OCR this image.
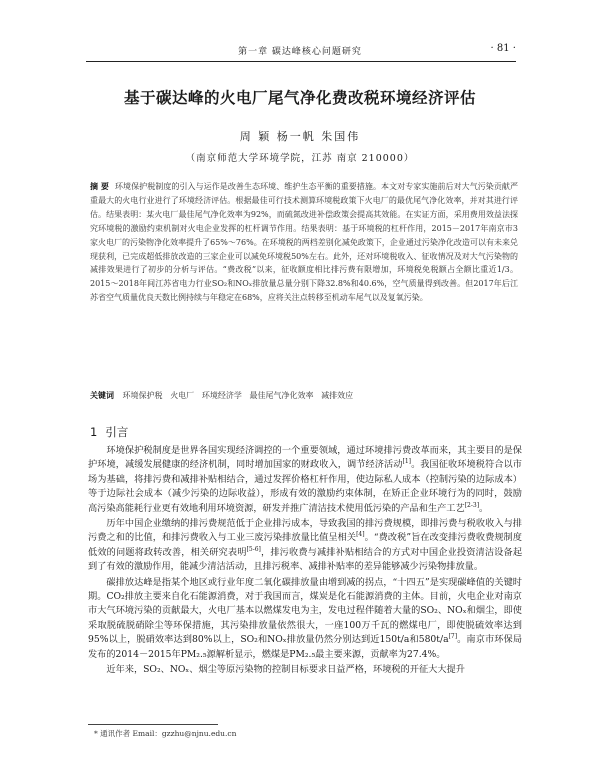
第一章 碳达峰核心问题研究	· 81 ·
基于碳达峰的火电厂尾气净化费改税环境经济评估
周 颖 杨一帆 朱国伟
（南京师范大学环境学院，江苏 南京 210000）
摘 要 环境保护税制度的引入与运作是改善生态环境、维护生态平衡的重要措施。本文对专家实施前后对大气污染贡献严重最大的火电行业进行了环境经济评估。根据最佳可行技术测算环境税政策下火电厂的最优尾气净化效率，并对其进行评估。结果表明：某火电厂最佳尾气净化效率为92%，而硫氮改进补偿政策会提高其效能。在实证方面，采用费用效益法探究环境税的激励约束机制对火电企业发挥的杠杆调节作用。结果表明：基于环境税的杠杆作用，2015－2017年南京市3家火电厂的污染物净化效率提升了65%～76%。在环境税的两档差别化减免政策下，企业通过污染净化改造可以有未来兑现获利，已完成超低排放改造的三家企业可以减免环境税50%左右。此外，还对环境税收入、征收情况及对大气污染物的减排效果进行了初步的分析与评估。“费改税”以来，征收额度相比排污费有限增加，环境税免税额占全额比重近1/3。2015～2018年间江苏省电力行业SO₂和NOₓ排放量总量分别下降32.8%和40.6%，空气质量得到改善。但2017年后江苏省空气质量优良天数比例持续与年稳定在68%，应将关注点转移至机动车尾气以及复氧污染。
关键词 环境保护税 火电厂 环境经济学 最佳尾气净化效率 减排效应
1 引言

环境保护税制度是世界各国实现经济调控的一个重要领域，通过环境排污费改革而来，其主要目的是保护环境，减缓发展健康的经济机制，同时增加国家的财政收入，调节经济活动[1]。我国征收环境税符合以市场为基础，将排污费和减排补贴相结合，通过发挥价格杠杆作用，使边际私人成本（控制污染的边际成本）等于边际社会成本（减少污染的边际收益），形成有效的激励约束体制，在矫正企业环境行为的同时，鼓励高污染高能耗行业更有效地利用环境资源，研发并推广清洁技术使用低污染的产品和生产工艺[2-3]。

历年中国企业缴纳的排污费规范低于企业排污成本，导致我国的排污费规模，即排污费与税收收入与排污费之和的比值，和排污费收入与工业三废污染排放量比值呈相关[4]。“费改税”旨在改变排污费收费规制度低效的问题将政转改善，相关研究表明[5-6]，排污收费与减排补贴相结合的方式对中国企业投资清洁设备起到了有效的激励作用，能减少清洁活动，且排污税率、减排补贴率的差异能够减少污染物排放量。

碳排放达峰是指某个地区或行业年度二氧化碳排放量由增到减的拐点，“十四五”是实现碳峰值的关键时期。CO₂排放主要来自化石能源消费，对于我国而言，煤炭是化石能源消费的主体。目前，火电企业对南京市大气环境污染的贡献最大，火电厂基本以燃煤发电为主，发电过程伴随着大量的SO₂、NOₓ和烟尘，即使采取脱硫脱硝除尘等环保措施，其污染排放量依然很大，一座100万千瓦的燃煤电厂，即使脱硫效率达到95%以上，脱硝效率达到80%以上，SO₂和NOₓ排放量仍然分别达到近150t/a和580t/a[7]。南京市环保局发布的2014－2015年PM₂.₅源解析显示，燃煤是PM₂.₅最主要来源，贡献率为27.4%。

近年来，SO₂、NOₓ、烟尘等原污染物的控制目标要求日益严格，环境税的开征大大提升

* 通讯作者 Email：gzzhu@njnu.edu.cn
